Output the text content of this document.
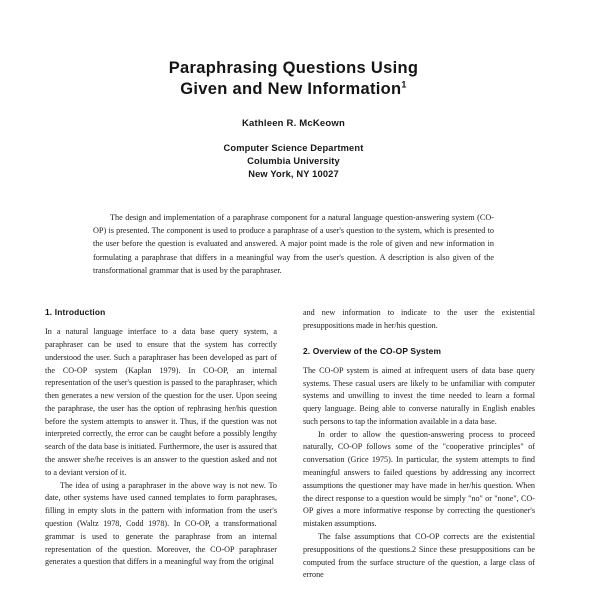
Paraphrasing Questions Using
Given and New Information$^1$
Kathleen R. McKeown
Computer Science Department
Columbia University
New York, NY 10027
The design and implementation of a paraphrase component for a natural language question-answering system (CO-OP) is presented. The component is used to produce a paraphrase of a user's question to the system, which is presented to the user before the question is evaluated and answered. A major point made is the role of given and new information in formulating a paraphrase that differs in a meaningful way from the user's question. A description is also given of the transformational grammar that is used by the paraphraser.
1. Introduction

In a natural language interface to a data base query system, a paraphraser can be used to ensure that the system has correctly understood the user. Such a paraphraser has been developed as part of the CO-OP system (Kaplan 1979). In CO-OP, an internal representation of the user's question is passed to the paraphraser, which then generates a new version of the question for the user. Upon seeing the paraphrase, the user has the option of rephrasing her/his question before the system attempts to answer it. Thus, if the question was not interpreted correctly, the error can be caught before a possibly lengthy search of the data base is initiated. Furthermore, the user is assured that the answer she/he receives is an answer to the question asked and not to a deviant version of it.

The idea of using a paraphraser in the above way is not new. To date, other systems have used canned templates to form paraphrases, filling in empty slots in the pattern with information from the user's question (Waltz 1978, Codd 1978). In CO-OP, a transformational grammar is used to generate the paraphrase from an internal representation of the question. Moreover, the CO-OP paraphraser generates a question that differs in a meaningful way from the original

and new information to indicate to the user the existential presuppositions made in her/his question.

2. Overview of the CO-OP System

The CO-OP system is aimed at infrequent users of data base query systems. These casual users are likely to be unfamiliar with computer systems and unwilling to invest the time needed to learn a formal query language. Being able to converse naturally in English enables such persons to tap the information available in a data base.

In order to allow the question-answering process to proceed naturally, CO-OP follows some of the "cooperative principles" of conversation (Grice 1975). In particular, the system attempts to find meaningful answers to failed questions by addressing any incorrect assumptions the questioner may have made in her/his question. When the direct response to a question would be simply "no" or "none", CO-OP gives a more informative response by correcting the questioner's mistaken assumptions.

The false assumptions that CO-OP corrects are the existential presuppositions of the questions.2 Since these presuppositions can be computed from the surface structure of the question, a large class of errone
